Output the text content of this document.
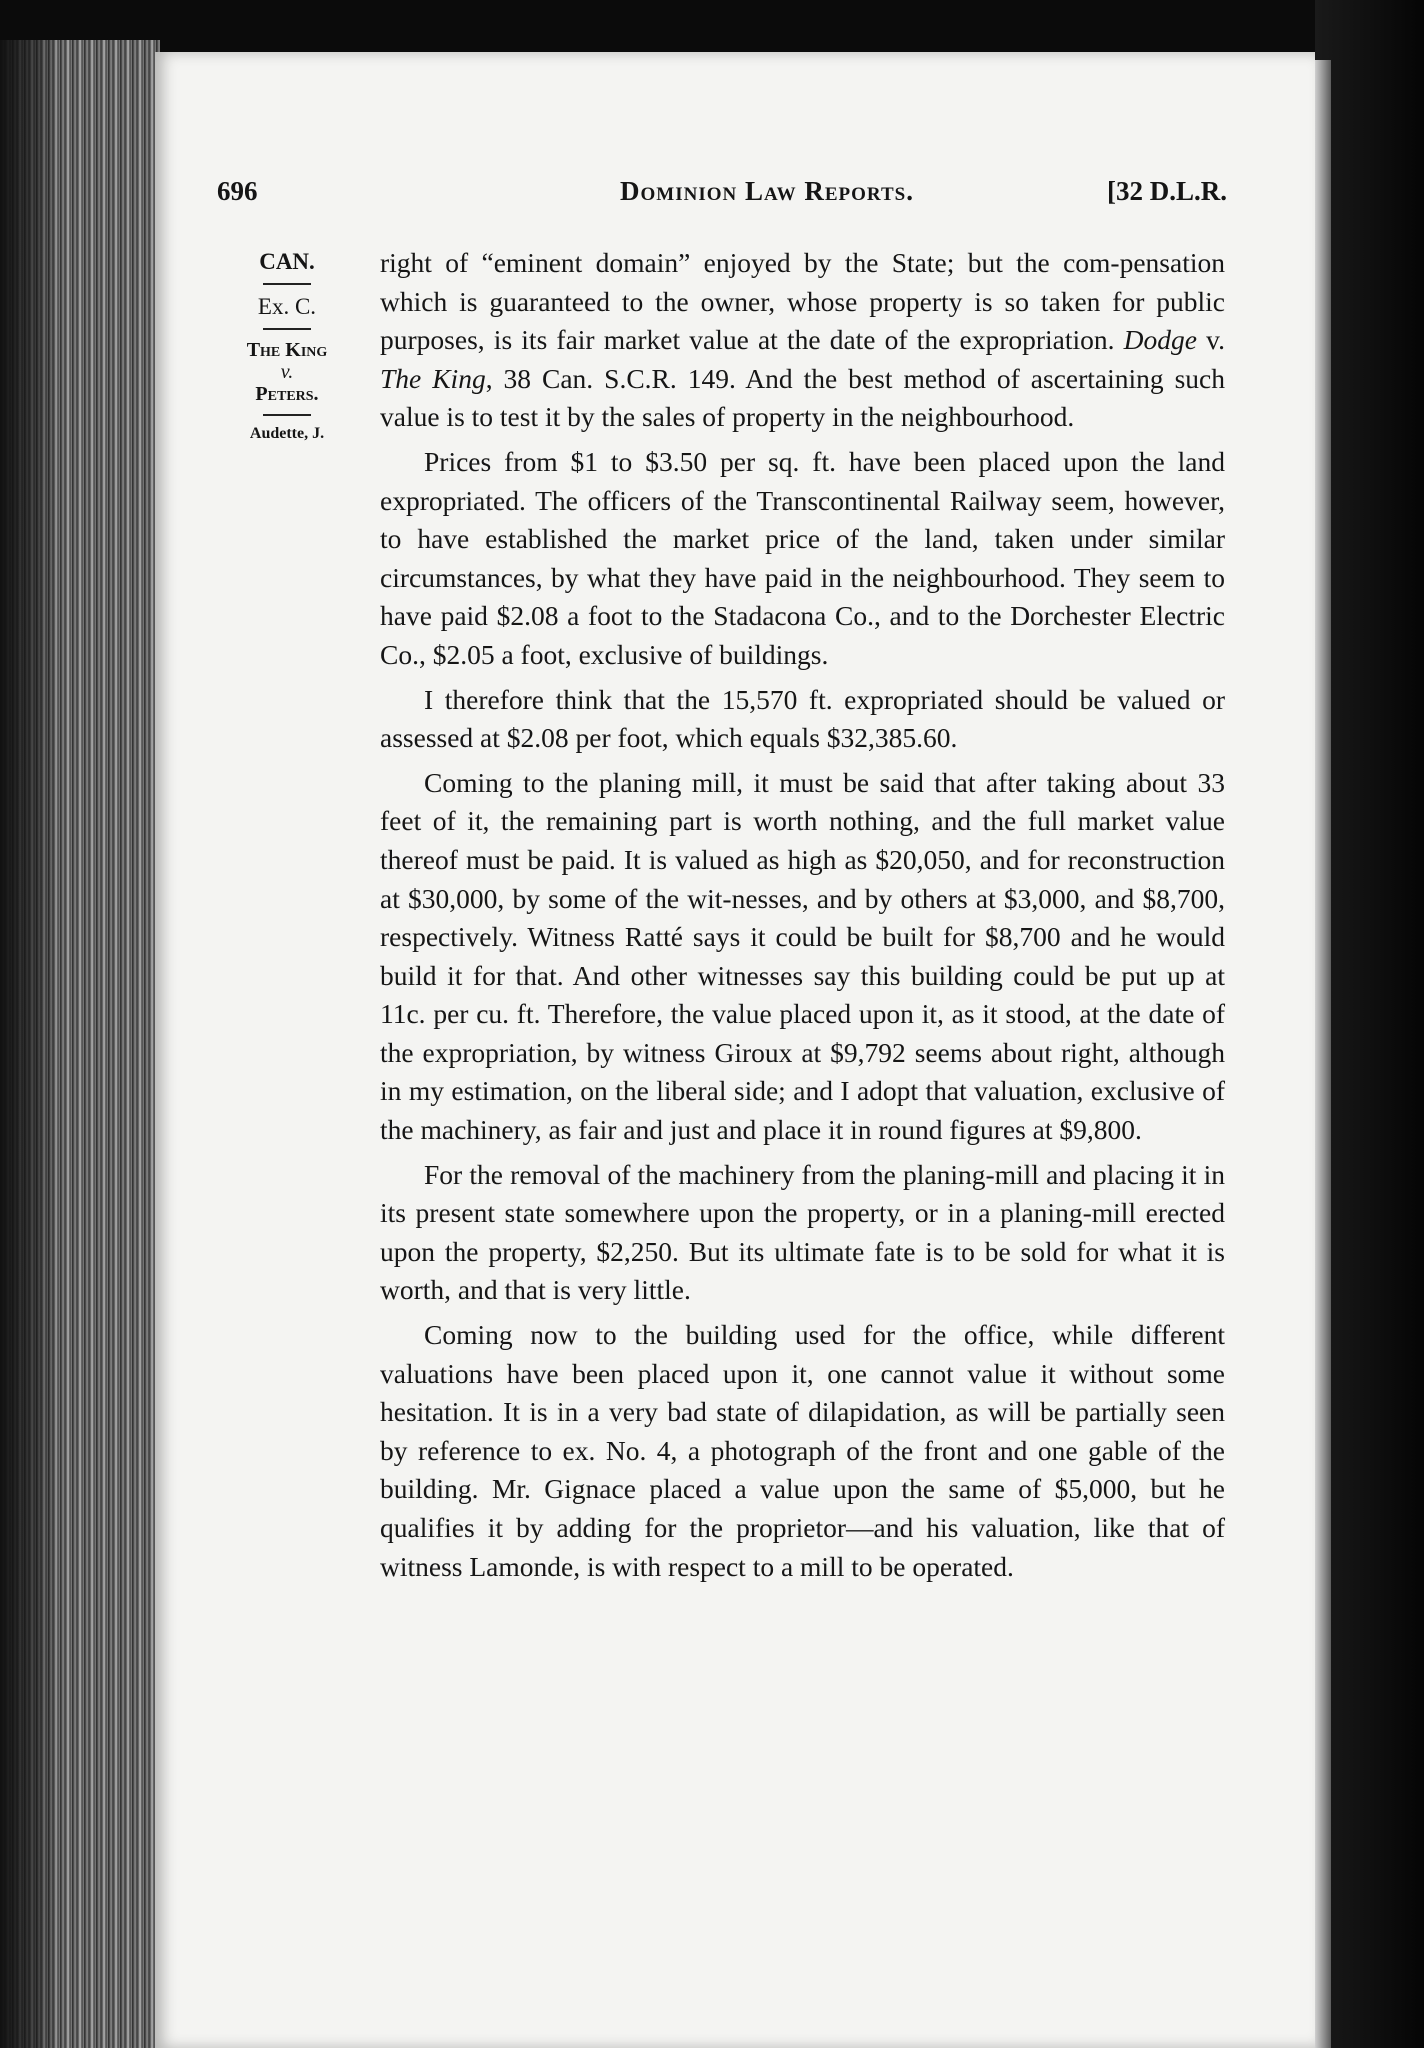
696	Dominion Law Reports.	[32 D.L.R.
CAN.
Ex. C.
The King
v.
Peters.
Audette, J.

right of “eminent domain” enjoyed by the State; but the com-pensation which is guaranteed to the owner, whose property is so taken for public purposes, is its fair market value at the date of the expropriation. Dodge v. The King, 38 Can. S.C.R. 149. And the best method of ascertaining such value is to test it by the sales of property in the neighbourhood.

Prices from $1 to $3.50 per sq. ft. have been placed upon the land expropriated. The officers of the Transcontinental Railway seem, however, to have established the market price of the land, taken under similar circumstances, by what they have paid in the neighbourhood. They seem to have paid $2.08 a foot to the Stadacona Co., and to the Dorchester Electric Co., $2.05 a foot, exclusive of buildings.

I therefore think that the 15,570 ft. expropriated should be valued or assessed at $2.08 per foot, which equals $32,385.60.

Coming to the planing mill, it must be said that after taking about 33 feet of it, the remaining part is worth nothing, and the full market value thereof must be paid. It is valued as high as $20,050, and for reconstruction at $30,000, by some of the wit-nesses, and by others at $3,000, and $8,700, respectively. Witness Ratté says it could be built for $8,700 and he would build it for that. And other witnesses say this building could be put up at 11c. per cu. ft. Therefore, the value placed upon it, as it stood, at the date of the expropriation, by witness Giroux at $9,792 seems about right, although in my estimation, on the liberal side; and I adopt that valuation, exclusive of the machinery, as fair and just and place it in round figures at $9,800.

For the removal of the machinery from the planing-mill and placing it in its present state somewhere upon the property, or in a planing-mill erected upon the property, $2,250. But its ultimate fate is to be sold for what it is worth, and that is very little.

Coming now to the building used for the office, while different valuations have been placed upon it, one cannot value it without some hesitation. It is in a very bad state of dilapidation, as will be partially seen by reference to ex. No. 4, a photograph of the front and one gable of the building. Mr. Gignace placed a value upon the same of $5,000, but he qualifies it by adding for the proprietor—and his valuation, like that of witness Lamonde, is with respect to a mill to be operated.
